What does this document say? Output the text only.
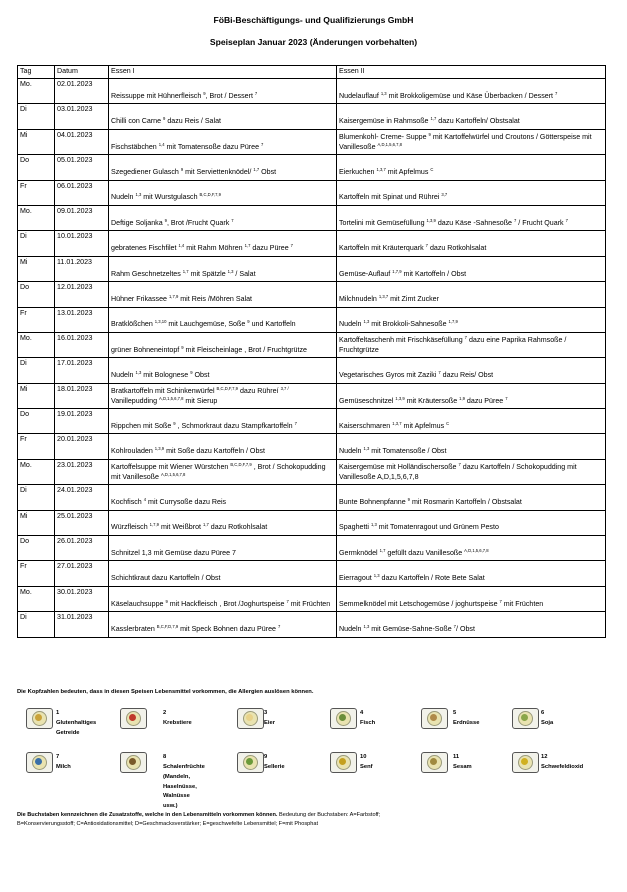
FöBi-Beschäftigungs- und Qualifizierungs GmbH
Speiseplan Januar 2023 (Änderungen vorbehalten)
Tag	Datum	Essen I	Essen II
Mo.	02.01.2023	Reissuppe mit Hühnerfleisch $^9$, Brot / Dessert $^7$	Nudelauflauf $^{1,3}$ mit Brokkoligemüse und Käse Überbacken / Dessert $^7$
Di	03.01.2023	Chilli con Carne $^9$ dazu Reis / Salat	Kaisergemüse in Rahmsoße $^{1,7}$ dazu Kartoffeln/ Obstsalat
Mi	04.01.2023	Fischstäbchen $^{1,4}$ mit Tomatensoße dazu Püree $^7$	Blumenkohl- Creme- Suppe $^9$ mit Kartoffelwürfel und Croutons / Götterspeise mit Vanillesoße $^{A,D,1,5,6,7,8}$
Do	05.01.2023	Szegediener Gulasch $^9$ mit Serviettenknödel/ $^{1,7}$ Obst	Eierkuchen $^{1,3,7}$ mit Apfelmus $^C$
Fr	06.01.2023	Nudeln $^{1,3}$ mit Wurstgulasch $^{B,C,D,F,7,9}$	Kartoffeln mit Spinat und Rührei $^{3,7}$
Mo.	09.01.2023	Deftige Soljanka $^9$, Brot /Frucht Quark $^7$	Tortelini mit Gemüsefüllung $^{1,3,9}$ dazu Käse -Sahnesoße $^7$ / Frucht Quark $^7$
Di	10.01.2023	gebratenes Fischfilet $^{1,4}$ mit Rahm Möhren $^{1,7}$ dazu Püree $^7$	Kartoffeln mit Kräuterquark $^7$ dazu Rotkohlsalat
Mi	11.01.2023	Rahm Geschnetzeltes $^{1,7}$ mit Spätzle $^{1,3}$ / Salat	Gemüse-Auflauf $^{1,7,9}$ mit Kartoffeln / Obst
Do	12.01.2023	Hühner Frikassee $^{1,7,9}$ mit Reis /Möhren Salat	Milchnudeln $^{1,3,7}$ mit Zimt Zucker
Fr	13.01.2023	Bratklößchen $^{1,3,10}$ mit Lauchgemüse, Soße $^9$ und Kartoffeln	Nudeln $^{1,3}$ mit Brokkoli-Sahnesoße $^{1,7,9}$
Mo.	16.01.2023	grüner Bohneneintopf $^9$ mit Fleischeinlage , Brot / Fruchtgrütze	Kartoffeltaschenh mit Frischkäsefüllung $^7$ dazu eine Paprika Rahmsoße / Fruchtgrütze
Di	17.01.2023	Nudeln $^{1,3}$ mit Bolognese $^9$ Obst	Vegetarisches Gyros mit Zaziki $^7$ dazu Reis/ Obst
Mi	18.01.2023	Bratkartoffeln mit Schinkenwürfel $^{B,C,D,F,7,9}$ dazu Rühreí $^{3,7 /}$ Vanillepudding $^{A,D,1,5,6,7,8}$ mit Sierup	Gemüseschnitzel $^{1,3,9}$ mit Kräutersoße $^{1,9}$ dazu Püree $^7$
Do	19.01.2023	Rippchen mit Soße $^9$ , Schmorkraut dazu Stampfkartoffeln $^7$	Kaiserschmaren $^{1,3,7}$ mit Apfelmus $^C$
Fr	20.01.2023	Kohlrouladen $^{1,3,9}$ mit Soße dazu Kartoffeln / Obst	Nudeln $^{1,3}$ mit Tomatensoße / Obst
Mo.	23.01.2023	Kartoffelsuppe mit Wiener Würstchen $^{B,C,D,F,7,9}$ , Brot / Schokopudding mit Vanillesoße $^{A,D,1,5,6,7,8}$	Kaisergemüse mit Holländischersoße $^7$ dazu Kartoffeln / Schokopudding mit Vanillesoße A,D,1,5,6,7,8
Di	24.01.2023	Kochfisch $^4$ mit Currysoße dazu Reis	Bunte Bohnenpfanne $^9$ mit Rosmarin Kartoffeln / Obstsalat
Mi	25.01.2023	Würzfleisch $^{1,7,9}$ mit Weißbrot $^{1,7}$ dazu Rotkohlsalat	Spaghetti $^{1,3}$ mit Tomatenragout und Grünem Pesto
Do	26.01.2023	Schnitzel 1,3 mit Gemüse dazu Püree 7	Germknödel $^{1,7}$ gefüllt dazu Vanillesoße $^{A,D,1,5,6,7,8}$
Fr	27.01.2023	Schichtkraut dazu Kartoffeln / Obst	Eierragout $^{1,3}$ dazu Kartoffeln / Rote Bete Salat
Mo.	30.01.2023	Käselauchsuppe $^9$ mit Hackfleisch , Brot /Joghurtspeise $^7$ mit Früchten	Semmelknödel mit Letschogemüse / joghurtspeise $^7$ mit Früchten
Di	31.01.2023	Kasslerbraten $^{B,C,F,D,7,9}$ mit Speck Bohnen dazu Püree $^7$	Nudeln $^{1,3}$ mit Gemüse-Sahne-Soße $^7$/ Obst
Die Kopfzahlen bedeuten, dass in diesen Speisen Lebensmittel vorkommen, die Allergien auslösen können.
1 Glutenhaltiges
Getreide
2 Krebstiere
3 Eier
4 Fisch
5 Erdnüsse
6 Soja
7 Milch
8 Schalenfrüchte
(Mandeln,
Haselnüsse,
Walnüsse usw.)
9 Sellerie
10 Senf
11 Sesam
12 Schwefeldioxid
Die Buchstaben kennzeichnen die Zusatzstoffe, welche in den Lebensmitteln vorkommen können. Bedeutung der Buchstaben: A=Farbstoff;
B=Konservierungsstoff; C=Antioxidationsmittel; D=Geschmacksverstärker; E=geschwefelte Lebensmittel; F=mit Phosphat
